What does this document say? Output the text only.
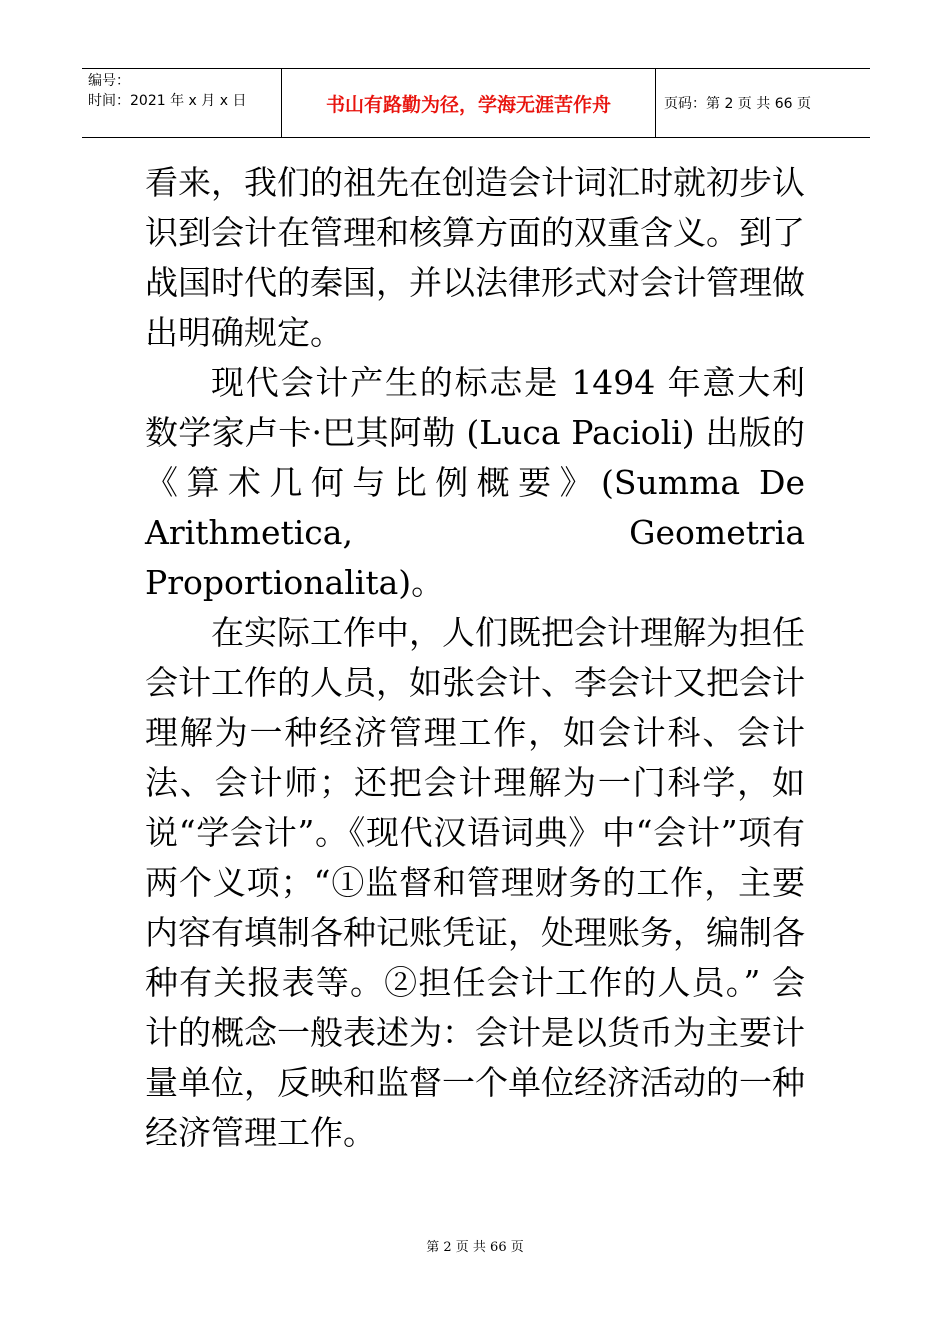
编号：
时间：2021 年 x 月 x 日	书山有路勤为径，学海无涯苦作舟	页码：第 2 页 共 66 页

看来，我们的祖先在创造会计词汇时就初步认识到会计在管理和核算方面的双重含义。到了战国时代的秦国，并以法律形式对会计管理做出明确规定。

现代会计产生的标志是 1494 年意大利数学家卢卡·巴其阿勒 (Luca Pacioli) 出版的《算术几何与比例概要》(Summa De

Arithmetica, Geometria Proportionalita)。

在实际工作中，人们既把会计理解为担任会计工作的人员，如张会计、李会计又把会计理解为一种经济管理工作，如会计科、会计法、会计师；还把会计理解为一门科学，如说“学会计”。《现代汉语词典》中“会计”项有两个义项；“①监督和管理财务的工作，主要内容有填制各种记账凭证，处理账务，编制各种有关报表等。②担任会计工作的人员。” 会计的概念一般表述为：会计是以货币为主要计量单位，反映和监督一个单位经济活动的一种经济管理工作。

第 2 页 共 66 页
